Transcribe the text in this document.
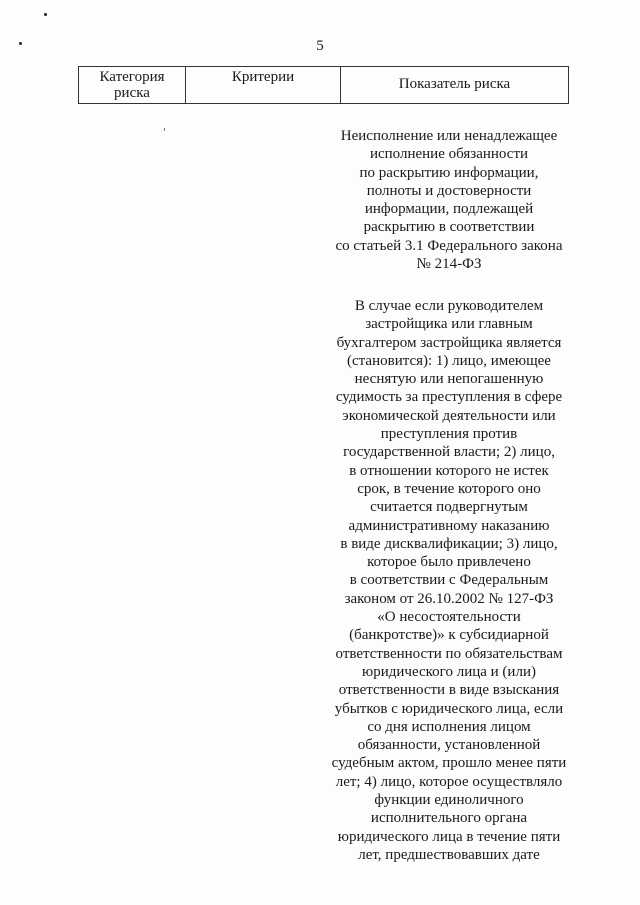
5
Категория
риска
	Критерии	Показатель риска

Неисполнение или ненадлежащее
исполнение обязанности
по раскрытию информации,
полноты и достоверности
информации, подлежащей
раскрытию в соответствии
со статьей 3.1 Федерального закона
№ 214-ФЗ

В случае если руководителем
застройщика или главным
бухгалтером застройщика является
(становится): 1) лицо, имеющее
неснятую или непогашенную
судимость за преступления в сфере
экономической деятельности или
преступления против
государственной власти; 2) лицо,
в отношении которого не истек
срок, в течение которого оно
считается подвергнутым
административному наказанию
в виде дисквалификации; 3) лицо,
которое было привлечено
в соответствии с Федеральным
законом от 26.10.2002 № 127-ФЗ
«О несостоятельности
(банкротстве)» к субсидиарной
ответственности по обязательствам
юридического лица и (или)
ответственности в виде взыскания
убытков с юридического лица, если
со дня исполнения лицом
обязанности, установленной
судебным актом, прошло менее пяти
лет; 4) лицо, которое осуществляло
функции единоличного
исполнительного органа
юридического лица в течение пяти
лет, предшествовавших дате
